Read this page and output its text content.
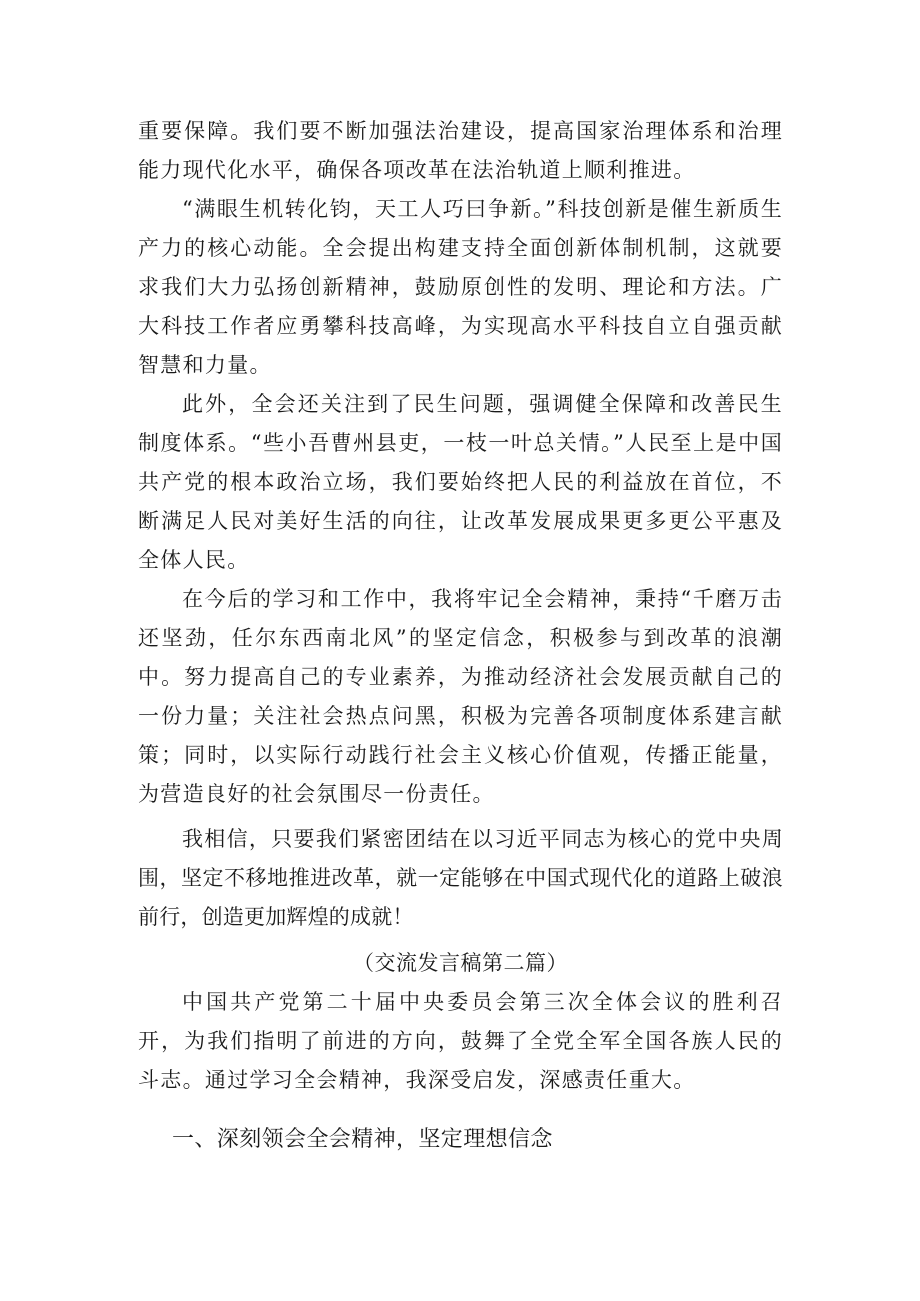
重要保障。我们要不断加强法治建设，提高国家治理体系和治理能力现代化水平，确保各项改革在法治轨道上顺利推进。

“满眼生机转化钧，天工人巧曰争新。”科技创新是催生新质生产力的核心动能。全会提出构建支持全面创新体制机制，这就要求我们大力弘扬创新精神，鼓励原创性的发明、理论和方法。广大科技工作者应勇攀科技高峰，为实现高水平科技自立自强贡献智慧和力量。

此外，全会还关注到了民生问题，强调健全保障和改善民生制度体系。“些小吾曹州县吏，一枝一叶总关情。”人民至上是中国共产党的根本政治立场，我们要始终把人民的利益放在首位，不断满足人民对美好生活的向往，让改革发展成果更多更公平惠及全体人民。

在今后的学习和工作中，我将牢记全会精神，秉持“千磨万击还坚劲，任尔东西南北风”的坚定信念，积极参与到改革的浪潮中。努力提高自己的专业素养，为推动经济社会发展贡献自己的一份力量；关注社会热点问黑，积极为完善各项制度体系建言献策；同时，以实际行动践行社会主义核心价值观，传播正能量，为营造良好的社会氛围尽一份责任。

我相信，只要我们紧密团结在以习近平同志为核心的党中央周围，坚定不移地推进改革，就一定能够在中国式现代化的道路上破浪前行，创造更加辉煌的成就！

（交流发言稿第二篇）

中国共产党第二十届中央委员会第三次全体会议的胜利召开，为我们指明了前进的方向，鼓舞了全党全军全国各族人民的斗志。通过学习全会精神，我深受启发，深感责任重大。

一、深刻领会全会精神，坚定理想信念
